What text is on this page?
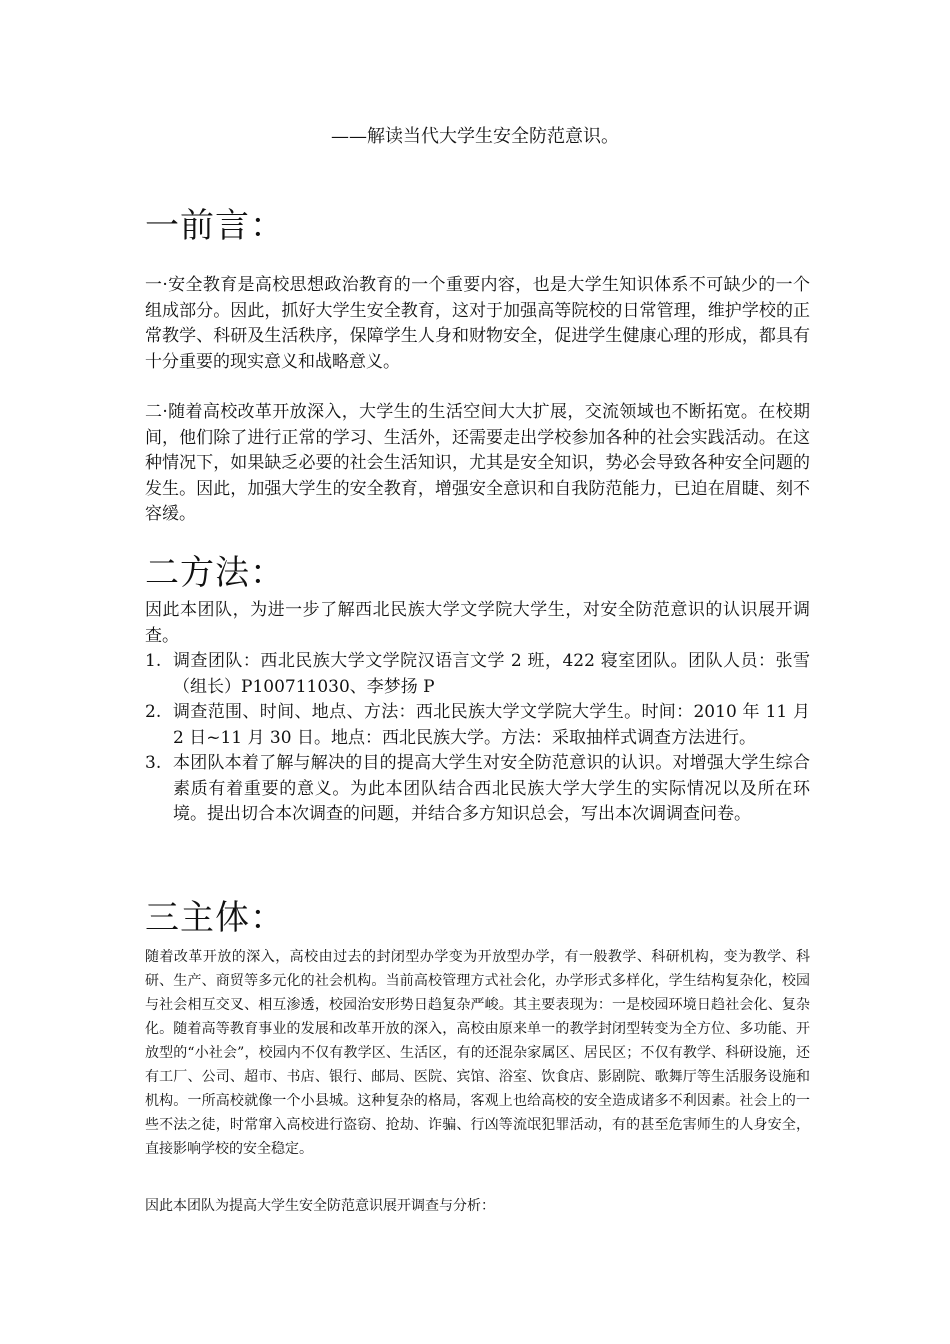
——解读当代大学生安全防范意识。
一前言：

一·安全教育是高校思想政治教育的一个重要内容，也是大学生知识体系不可缺少的一个组成部分。因此，抓好大学生安全教育，这对于加强高等院校的日常管理，维护学校的正常教学、科研及生活秩序，保障学生人身和财物安全，促进学生健康心理的形成，都具有十分重要的现实意义和战略意义。

二·随着高校改革开放深入，大学生的生活空间大大扩展，交流领域也不断拓宽。在校期间，他们除了进行正常的学习、生活外，还需要走出学校参加各种的社会实践活动。在这种情况下，如果缺乏必要的社会生活知识，尤其是安全知识，势必会导致各种安全问题的发生。因此，加强大学生的安全教育，增强安全意识和自我防范能力，已迫在眉睫、刻不容缓。

二方法：

因此本团队，为进一步了解西北民族大学文学院大学生，对安全防范意识的认识展开调查。

1. 调查团队：西北民族大学文学院汉语言文学 2 班，422 寝室团队。团队人员：张雪（组长）P100711030、李梦扬 P
2. 调查范围、时间、地点、方法：西北民族大学文学院大学生。时间：2010 年 11 月 2 日~11 月 30 日。地点：西北民族大学。方法：采取抽样式调查方法进行。
3. 本团队本着了解与解决的目的提高大学生对安全防范意识的认识。对增强大学生综合素质有着重要的意义。为此本团队结合西北民族大学大学生的实际情况以及所在环境。提出切合本次调查的问题，并结合多方知识总会，写出本次调调查问卷。
三主体：

随着改革开放的深入，高校由过去的封闭型办学变为开放型办学，有一般教学、科研机构，变为教学、科研、生产、商贸等多元化的社会机构。当前高校管理方式社会化，办学形式多样化，学生结构复杂化，校园与社会相互交叉、相互渗透，校园治安形势日趋复杂严峻。其主要表现为：一是校园环境日趋社会化、复杂化。随着高等教育事业的发展和改革开放的深入，高校由原来单一的教学封闭型转变为全方位、多功能、开放型的“小社会”，校园内不仅有教学区、生活区，有的还混杂家属区、居民区；不仅有教学、科研设施，还有工厂、公司、超市、书店、银行、邮局、医院、宾馆、浴室、饮食店、影剧院、歌舞厅等生活服务设施和机构。一所高校就像一个小县城。这种复杂的格局，客观上也给高校的安全造成诸多不利因素。社会上的一些不法之徒，时常窜入高校进行盗窃、抢劫、诈骗、行凶等流氓犯罪活动，有的甚至危害师生的人身安全，直接影响学校的安全稳定。

因此本团队为提高大学生安全防范意识展开调查与分析：
